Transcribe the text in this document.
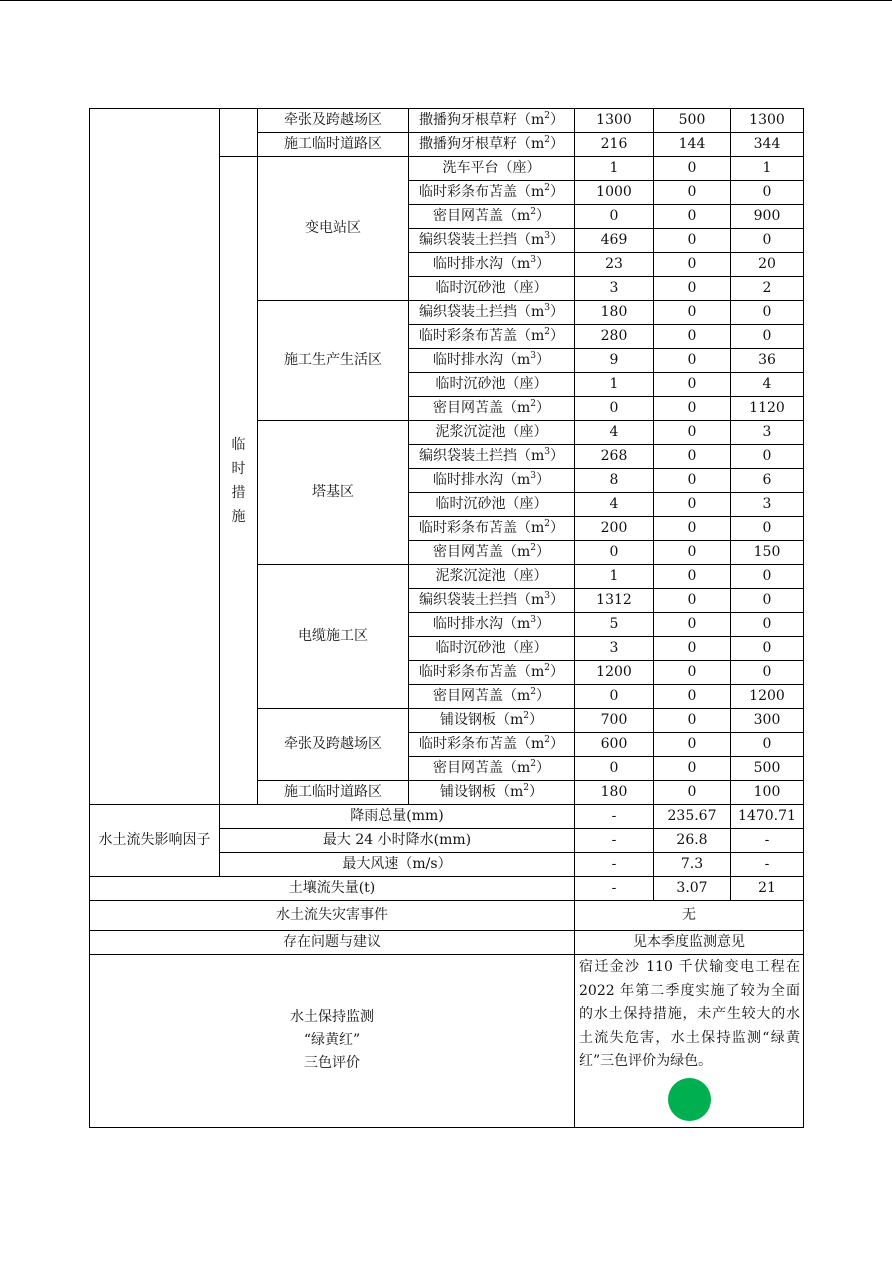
		牵张及跨越场区	撒播狗牙根草籽$(m^2)$	1300	500	1300
		施工临时道路区	撒播狗牙根草籽$(m^2)$	216	144	344

	临
时
措
施	变电站区	洗车平台（座）	1	0	1
			临时彩条布苫盖$(m^2)$	1000	0	0
			密目网苫盖$(m^2)$	0	0	900
			编织袋装土拦挡$(m^3)$	469	0	0
			临时排水沟$(m^3)$	23	0	20
			临时沉砂池（座）	3	0	2
		施工生产生活区	编织袋装土拦挡$(m^3)$	180	0	0
			临时彩条布苫盖$(m^2)$	280	0	0
			临时排水沟$(m^3)$	9	0	36
			临时沉砂池（座）	1	0	4
			密目网苫盖$(m^2)$	0	0	1120
		塔基区	泥浆沉淀池（座）	4	0	3
			编织袋装土拦挡$(m^3)$	268	0	0
			临时排水沟$(m^3)$	8	0	6
			临时沉砂池（座）	4	0	3
			临时彩条布苫盖$(m^2)$	200	0	0
			密目网苫盖$(m^2)$	0	0	150
		电缆施工区	泥浆沉淀池（座）	1	0	0
			编织袋装土拦挡$(m^3)$	1312	0	0
			临时排水沟$(m^3)$	5	0	0
			临时沉砂池（座）	3	0	0
			临时彩条布苫盖$(m^2)$	1200	0	0
			密目网苫盖$(m^2)$	0	0	1200
		牵张及跨越场区	铺设钢板$(m^2)$	700	0	300
			临时彩条布苫盖$(m^2)$	600	0	0
			密目网苫盖$(m^2)$	0	0	500
		施工临时道路区	铺设钢板$(m^2)$	180	0	100
水土流失影响因子	降雨总量(mm)			-	235.67	1470.71
	最大 24 小时降水(mm)			-	26.8	-
	最大风速（m/s）			-	7.3	-
土壤流失量(t)				-	3.07	21
水土流失灾害事件				无		
存在问题与建议				见本季度监测意见		

水土保持监测
“绿黄红”
三色评价				宿迁金沙 110 千伏输变电工程在 2022 年第二季度实施了较为全面的水土保持措施，未产生较大的水土流失危害，水土保持监测“绿黄红”三色评价为绿色。		
